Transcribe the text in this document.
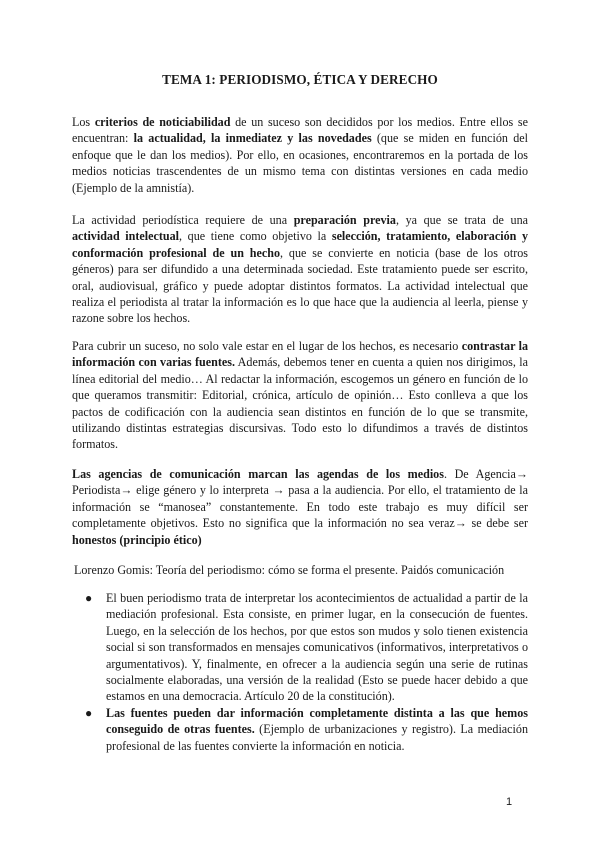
TEMA 1: PERIODISMO, ÉTICA Y DERECHO

Los criterios de noticiabilidad de un suceso son decididos por los medios. Entre ellos se encuentran: la actualidad, la inmediatez y las novedades (que se miden en función del enfoque que le dan los medios). Por ello, en ocasiones, encontraremos en la portada de los medios noticias trascendentes de un mismo tema con distintas versiones en cada medio (Ejemplo de la amnistía).

La actividad periodística requiere de una preparación previa, ya que se trata de una actividad intelectual, que tiene como objetivo la selección, tratamiento, elaboración y conformación profesional de un hecho, que se convierte en noticia (base de los otros géneros) para ser difundido a una determinada sociedad. Este tratamiento puede ser escrito, oral, audiovisual, gráfico y puede adoptar distintos formatos. La actividad intelectual que realiza el periodista al tratar la información es lo que hace que la audiencia al leerla, piense y razone sobre los hechos.

Para cubrir un suceso, no solo vale estar en el lugar de los hechos, es necesario contrastar la información con varias fuentes. Además, debemos tener en cuenta a quien nos dirigimos, la línea editorial del medio… Al redactar la información, escogemos un género en función de lo que queramos transmitir: Editorial, crónica, artículo de opinión… Esto conlleva a que los pactos de codificación con la audiencia sean distintos en función de lo que se transmite, utilizando distintas estrategias discursivas. Todo esto lo difundimos a través de distintos formatos.

Las agencias de comunicación marcan las agendas de los medios. De Agencia→ Periodista→ elige género y lo interpreta → pasa a la audiencia. Por ello, el tratamiento de la información se “manosea” constantemente. En todo este trabajo es muy difícil ser completamente objetivos. Esto no significa que la información no sea veraz→ se debe ser honestos (principio ético)

Lorenzo Gomis: Teoría del periodismo: cómo se forma el presente. Paidós comunicación

● El buen periodismo trata de interpretar los acontecimientos de actualidad a partir de la mediación profesional. Esta consiste, en primer lugar, en la consecución de fuentes. Luego, en la selección de los hechos, por que estos son mudos y solo tienen existencia social si son transformados en mensajes comunicativos (informativos, interpretativos o argumentativos). Y, finalmente, en ofrecer a la audiencia según una serie de rutinas socialmente elaboradas, una versión de la realidad (Esto se puede hacer debido a que estamos en una democracia. Artículo 20 de la constitución).
● Las fuentes pueden dar información completamente distinta a las que hemos conseguido de otras fuentes. (Ejemplo de urbanizaciones y registro). La mediación profesional de las fuentes convierte la información en noticia.
1
